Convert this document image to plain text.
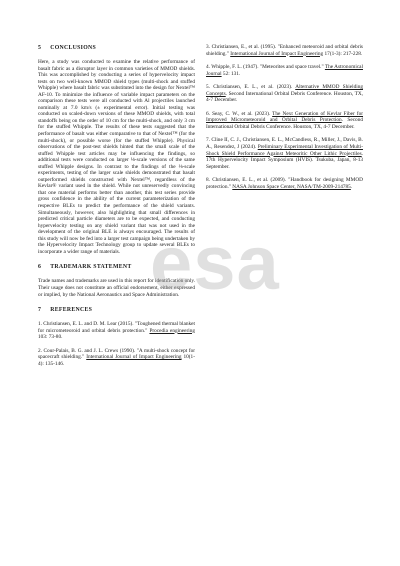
5 CONCLUSIONS

Here, a study was conducted to examine the relative performance of basalt fabric as a disruptor layer in common varieties of MMOD shields. This was accomplished by conducting a series of hypervelocity impact tests on two well-known MMOD shield types (multi-shock and stuffed Whipple) where basalt fabric was substituted into the design for Nextel™ AF-10. To minimize the influence of variable impact parameters on the comparison these tests were all conducted with Al projectiles launched nominally at 7.0 km/s (± experimental error). Initial testing was conducted on scaled-down versions of these MMOD shields, with total standoffs being on the order of 10 cm for the multi-shock, and only 3 cm for the stuffed Whipple. The results of these tests suggested that the performance of basalt was either comparative to that of Nextel™ (for the multi-shock), or possible worse (for the stuffed Whipple). Physical observations of the post-test shields hinted that the small scale of the stuffed Whipple test articles may be influencing the findings, so additional tests were conducted on larger ⅛-scale versions of the same stuffed Whipple designs. In contrast to the findings of the ⅛-scale experiments, testing of the larger scale shields demonstrated that basalt outperformed shields constructed with Nextel™, regardless of the Kevlar® variant used in the shield. While not unreservedly convincing that one material performs better than another, this test series provide gross confidence in the ability of the current parameterization of the respective BLEs to predict the performance of the shield variants. Simultaneously, however, also highlighting that small differences in predicted critical particle diameters are to be expected, and conducting hypervelocity testing on any shield variant that was not used in the development of the original BLE is always encouraged. The results of this study will now be fed into a larger test campaign being undertaken by the Hypervelocity Impact Technology group to update several BLEs to incorporate a wider range of materials.

6 TRADEMARK STATEMENT

Trade names and trademarks are used in this report for identification only. Their usage does not constitute an official endorsement, either expressed or implied, by the National Aeronautics and Space Administration.

7 REFERENCES

1. Christiansen, E. L. and D. M. Lear (2015). "Toughened thermal blanket for micrometeoroid and orbital debris protection." Procedia engineering 103: 73-80.

2. Cour-Palais, B. G. and J. L. Crews (1990). "A multi-shock concept for spacecraft shielding." International Journal of Impact Engineering 10(1-4): 135-146.

3. Christiansen, E., et al. (1995). "Enhanced meteoroid and orbital debris shielding." International Journal of Impact Engineering 17(1-3): 217-228.

4. Whipple, F. L. (1947). "Meteorites and space travel." The Astronomical Journal 52: 131.

5. Christiansen, E. L., et al. (2023). Alternative MMOD Shielding Concepts. Second International Orbital Debris Conference. Houston, TX, 4-7 December.

6. Seay, C. W., et al. (2023). The Next Generation of Kevlar Fiber for Improved Micrometeoroid and Orbital Debris Protection. Second International Orbital Debris Conference. Houston, TX, 4-7 December.

7. Cline II, C. J., Christiansen, E. L., McCandless, R., Miller, J., Davis, B. A., Resendez, J (2024). Preliminary Experimental Investigation of Multi-Shock Shield Performance Against Meteoritic Other Lithic Projectiles. 17th Hypervelocity Impact Symposium (HVIS). Tsukuba, Japan, 8-13 September.

8. Christiansen, E. L., et al. (2009). "Handbook for designing MMOD protection." NASA Johnson Space Center, NASA/TM-2009-214785.

esa
